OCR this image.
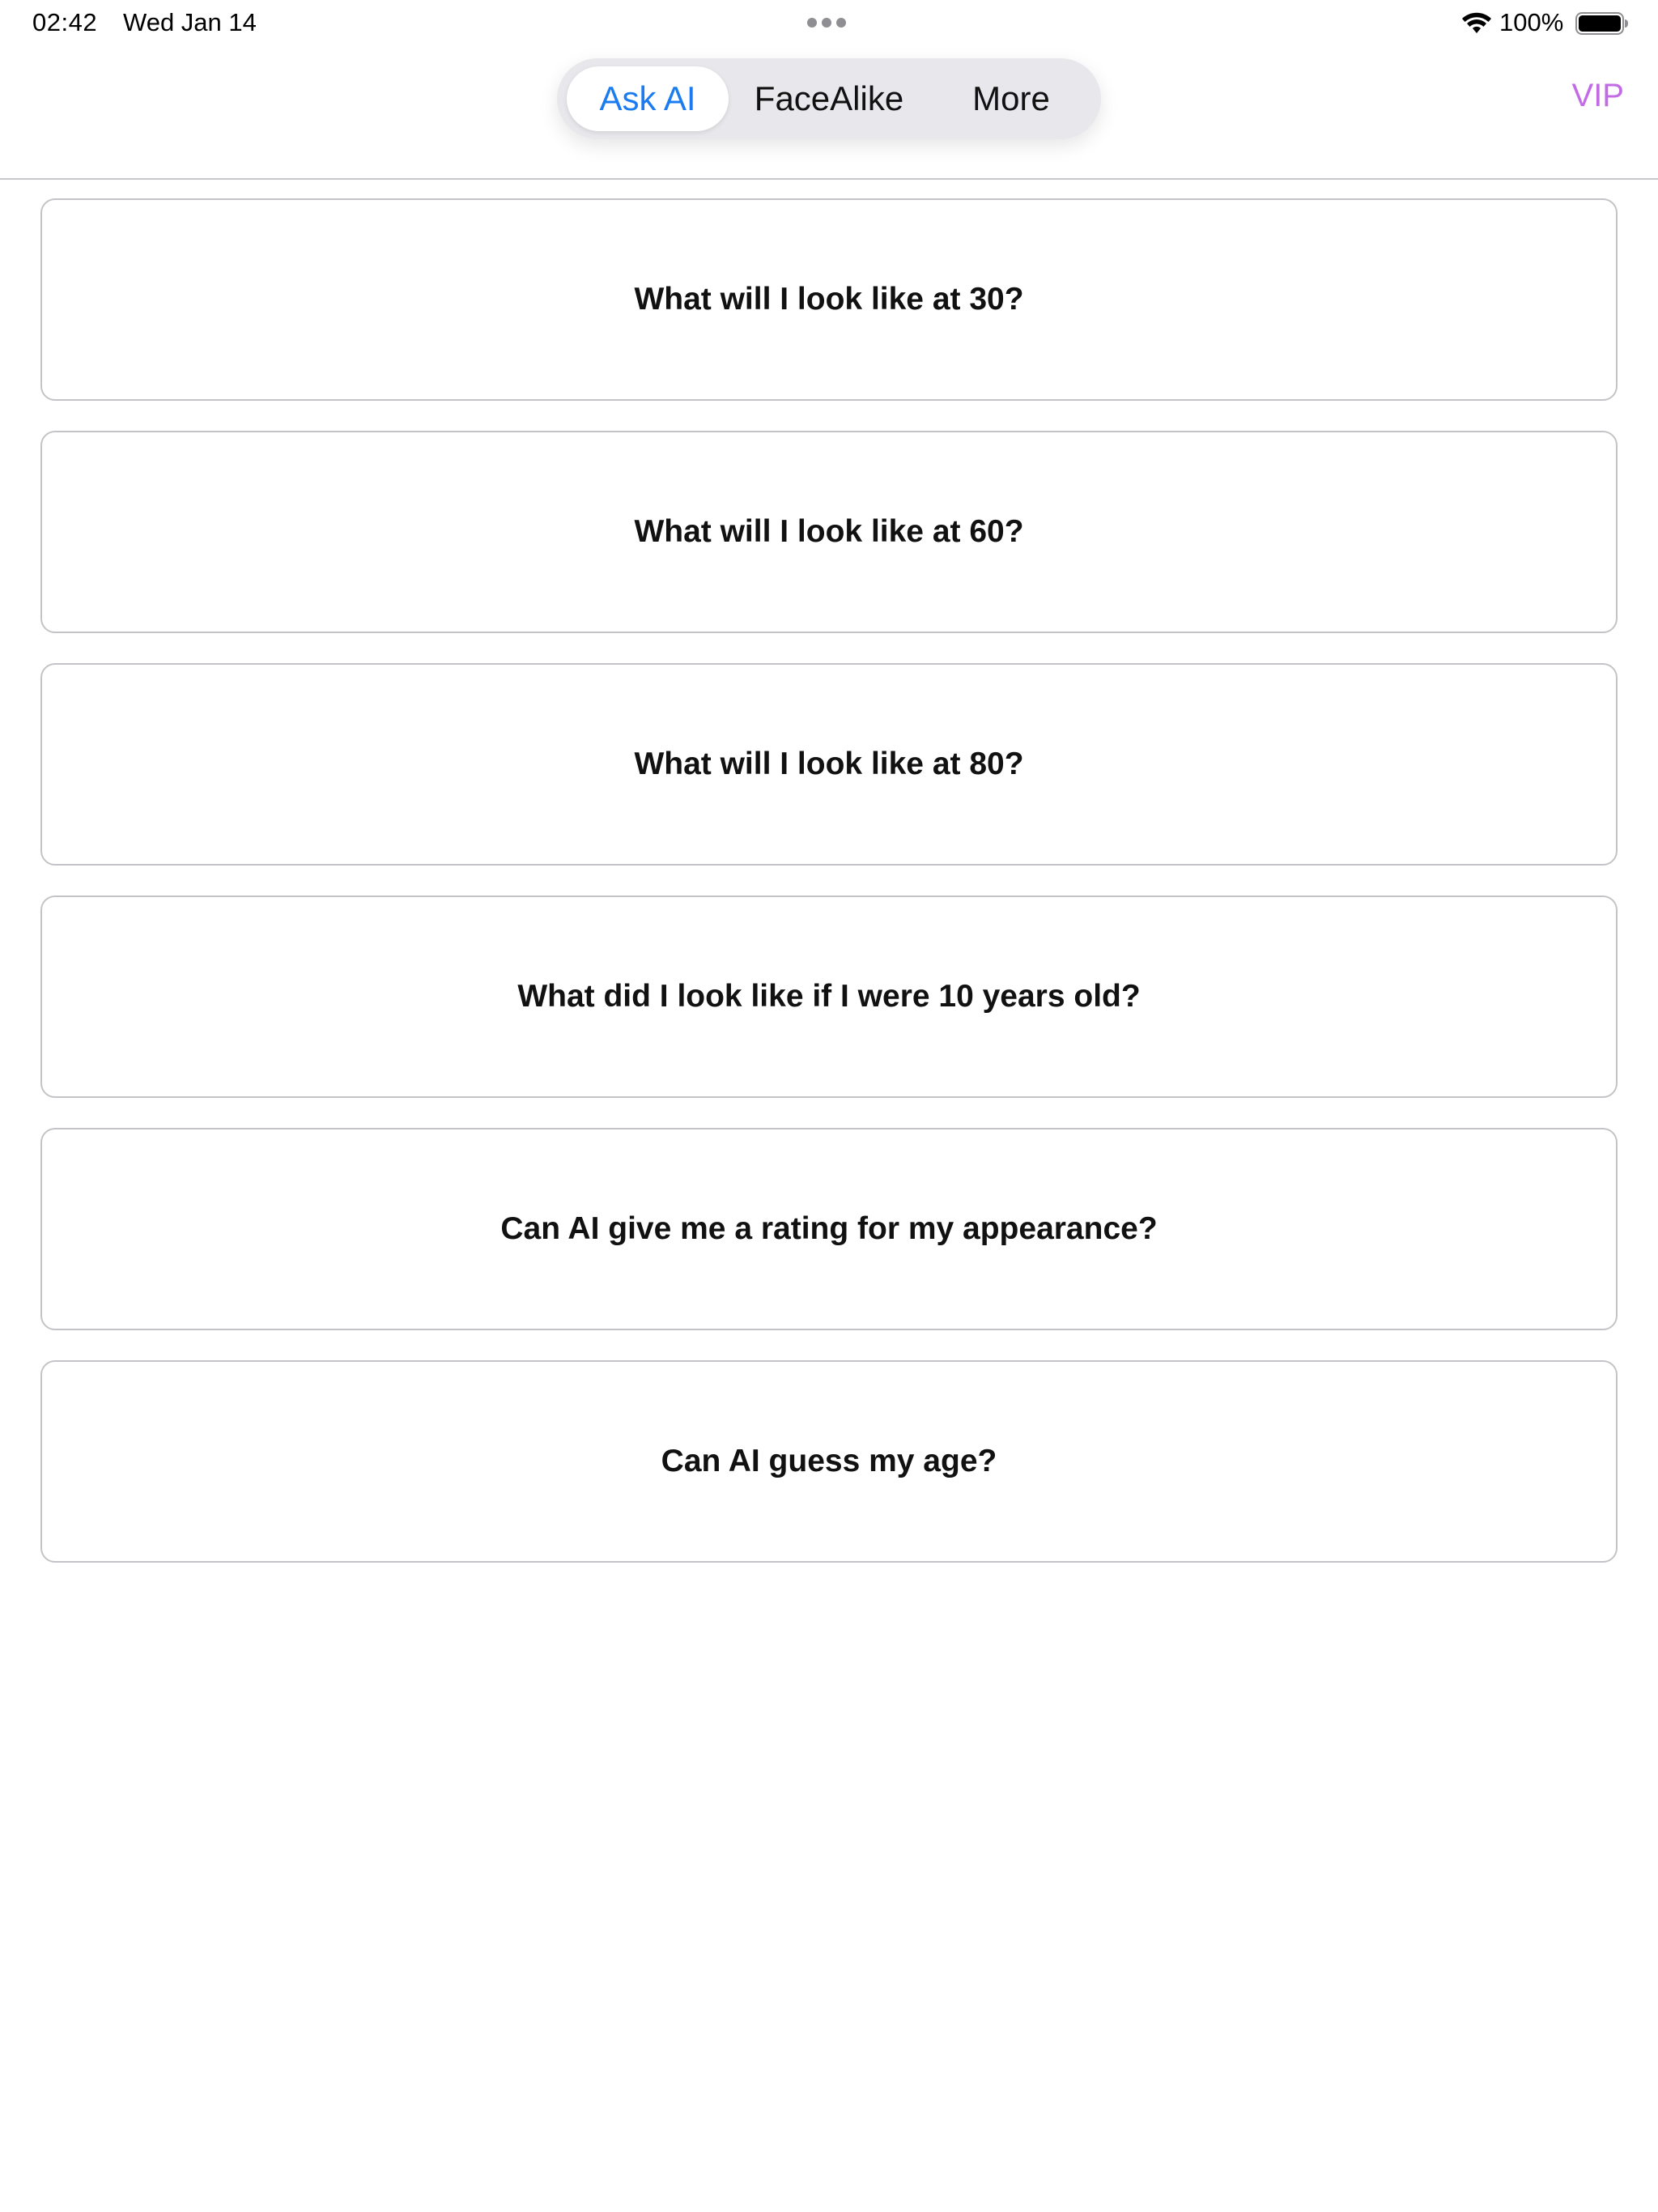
02:42 Wed Jan 14	100%
Ask AI	FaceAlike	More	VIP
What will I look like at 30?
What will I look like at 60?
What will I look like at 80?
What did I look like if I were 10 years old?
Can AI give me a rating for my appearance?
Can AI guess my age?
